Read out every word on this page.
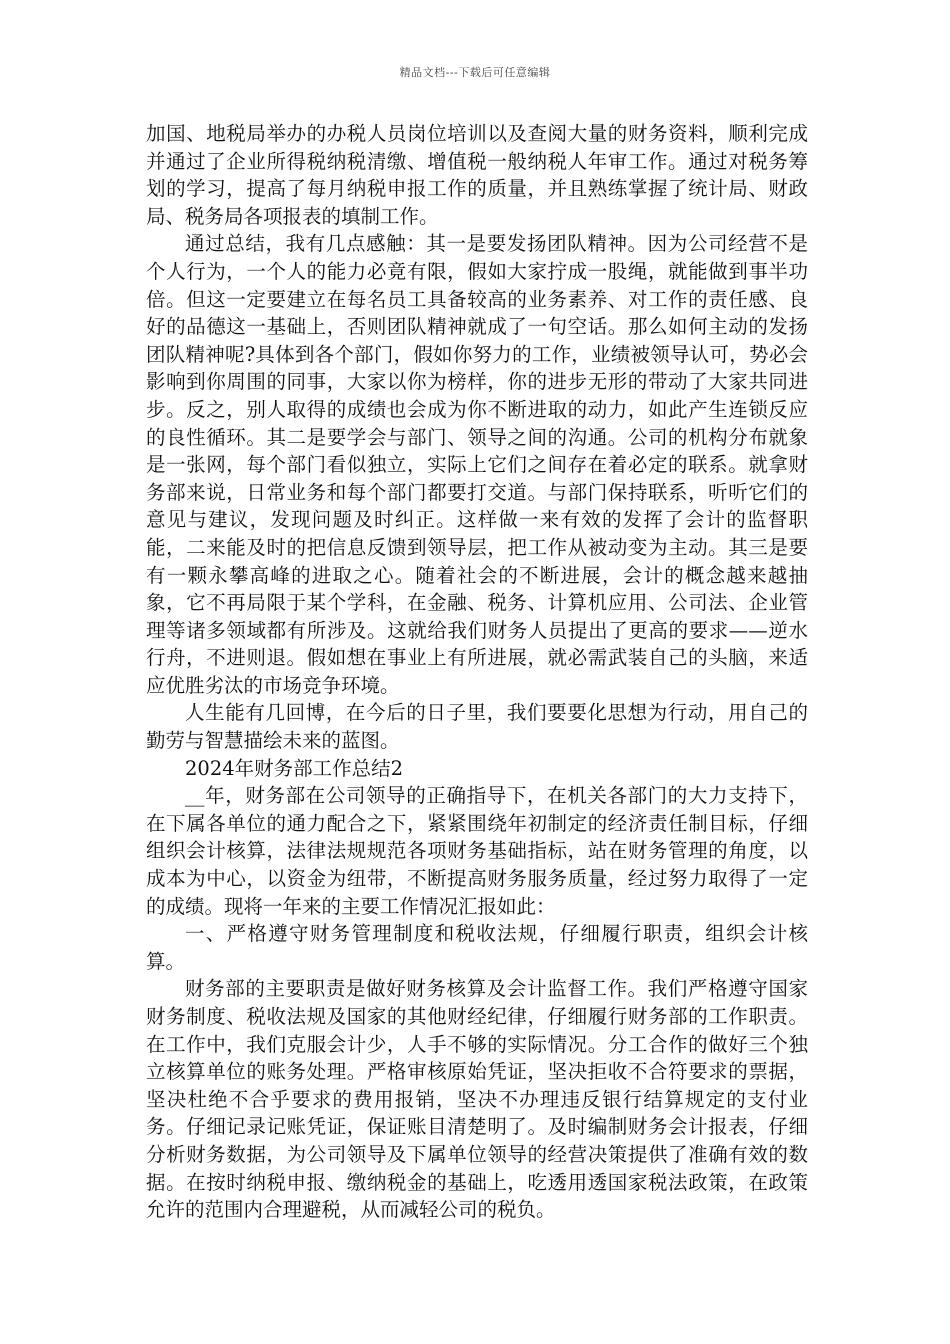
精品文档---下载后可任意编辑

加国、地税局举办的办税人员岗位培训以及查阅大量的财务资料，顺利完成并通过了企业所得税纳税清缴、增值税一般纳税人年审工作。通过对税务筹划的学习，提高了每月纳税申报工作的质量，并且熟练掌握了统计局、财政局、税务局各项报表的填制工作。

通过总结，我有几点感触：其一是要发扬团队精神。因为公司经营不是个人行为，一个人的能力必竟有限，假如大家拧成一股绳，就能做到事半功倍。但这一定要建立在每名员工具备较高的业务素养、对工作的责任感、良好的品德这一基础上，否则团队精神就成了一句空话。那么如何主动的发扬团队精神呢?具体到各个部门，假如你努力的工作，业绩被领导认可，势必会影响到你周围的同事，大家以你为榜样，你的进步无形的带动了大家共同进步。反之，别人取得的成绩也会成为你不断进取的动力，如此产生连锁反应的良性循环。其二是要学会与部门、领导之间的沟通。公司的机构分布就象是一张网，每个部门看似独立，实际上它们之间存在着必定的联系。就拿财务部来说，日常业务和每个部门都要打交道。与部门保持联系，听听它们的意见与建议，发现问题及时纠正。这样做一来有效的发挥了会计的监督职能，二来能及时的把信息反馈到领导层，把工作从被动变为主动。其三是要有一颗永攀高峰的进取之心。随着社会的不断进展，会计的概念越来越抽象，它不再局限于某个学科，在金融、税务、计算机应用、公司法、企业管理等诸多领域都有所涉及。这就给我们财务人员提出了更高的要求——逆水行舟，不进则退。假如想在事业上有所进展，就必需武装自己的头脑，来适应优胜劣汰的市场竞争环境。

人生能有几回博，在今后的日子里，我们要要化思想为行动，用自己的勤劳与智慧描绘未来的蓝图。

2024年财务部工作总结2

__年，财务部在公司领导的正确指导下，在机关各部门的大力支持下，在下属各单位的通力配合之下，紧紧围绕年初制定的经济责任制目标，仔细组织会计核算，法律法规规范各项财务基础指标，站在财务管理的角度，以成本为中心，以资金为纽带，不断提高财务服务质量，经过努力取得了一定的成绩。现将一年来的主要工作情况汇报如此：

一、严格遵守财务管理制度和税收法规，仔细履行职责，组织会计核算。

财务部的主要职责是做好财务核算及会计监督工作。我们严格遵守国家财务制度、税收法规及国家的其他财经纪律，仔细履行财务部的工作职责。在工作中，我们克服会计少，人手不够的实际情况。分工合作的做好三个独立核算单位的账务处理。严格审核原始凭证，坚决拒收不合符要求的票据，坚决杜绝不合乎要求的费用报销，坚决不办理违反银行结算规定的支付业务。仔细记录记账凭证，保证账目清楚明了。及时编制财务会计报表，仔细分析财务数据，为公司领导及下属单位领导的经营决策提供了准确有效的数据。在按时纳税申报、缴纳税金的基础上，吃透用透国家税法政策，在政策允许的范围内合理避税，从而减轻公司的税负。
